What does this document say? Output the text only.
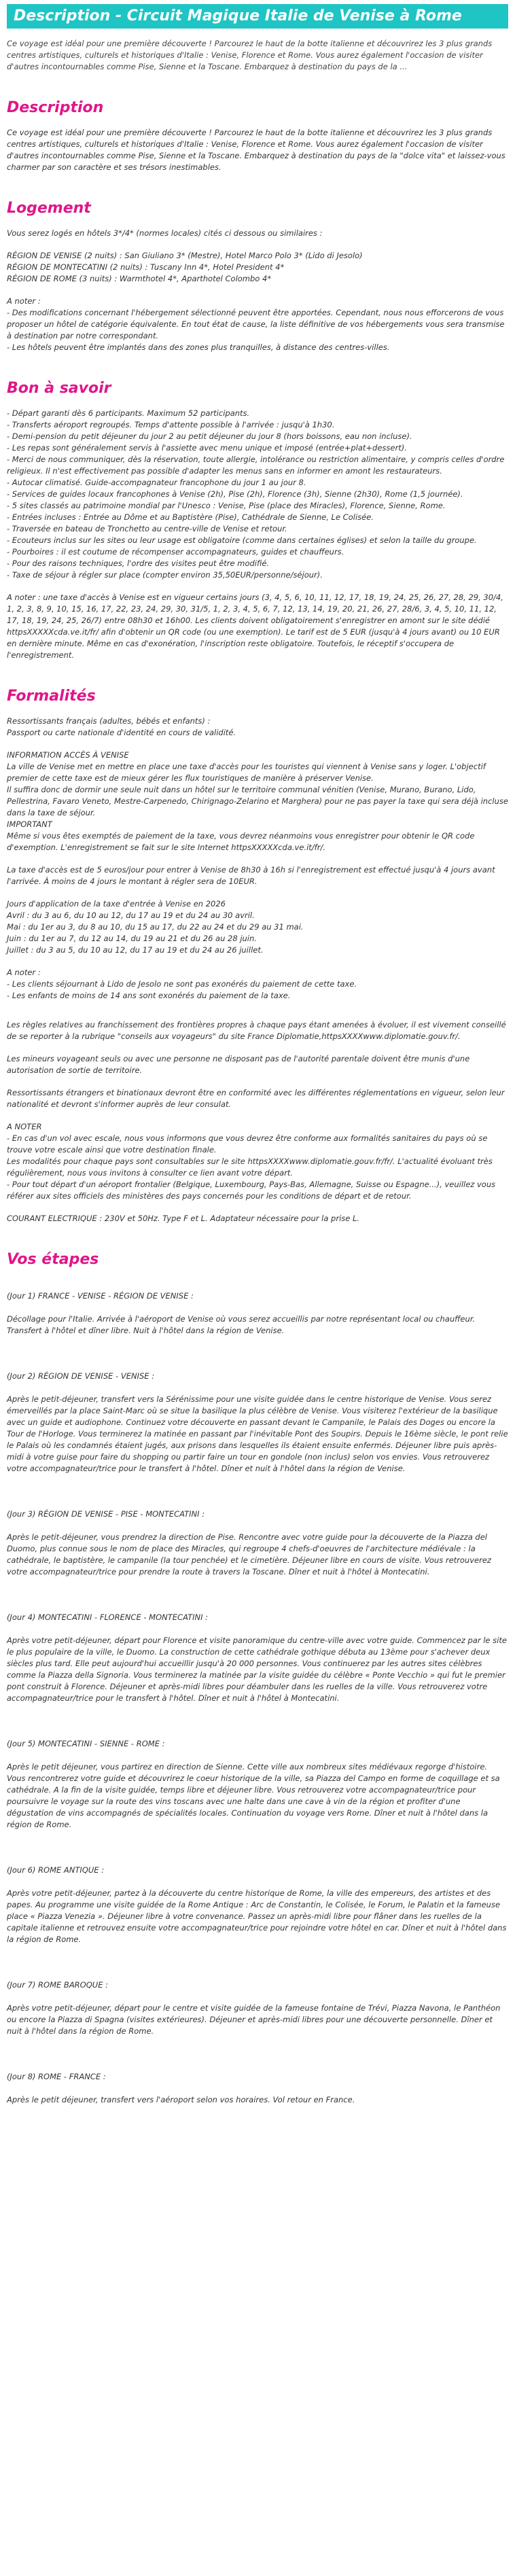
Description - Circuit Magique Italie de Venise à Rome

Ce voyage est idéal pour une première découverte ! Parcourez le haut de la botte italienne et découvrirez les 3 plus grands centres artistiques, culturels et historiques d'Italie : Venise, Florence et Rome. Vous aurez également l'occasion de visiter d'autres incontournables comme Pise, Sienne et la Toscane. Embarquez à destination du pays de la ...

Description

Ce voyage est idéal pour une première découverte ! Parcourez le haut de la botte italienne et découvrirez les 3 plus grands centres artistiques, culturels et historiques d'Italie : Venise, Florence et Rome. Vous aurez également l'occasion de visiter d'autres incontournables comme Pise, Sienne et la Toscane. Embarquez à destination du pays de la "dolce vita" et laissez-vous charmer par son caractère et ses trésors inestimables.

Logement

Vous serez logés en hôtels 3*/4* (normes locales) cités ci dessous ou similaires :

RÉGION DE VENISE (2 nuits) : San Giuliano 3* (Mestre), Hotel Marco Polo 3* (Lido di Jesolo)
RÉGION DE MONTECATINI (2 nuits) : Tuscany Inn 4*, Hotel President 4*
RÉGION DE ROME (3 nuits) : Warmthotel 4*, Aparthotel Colombo 4*

A noter :
- Des modifications concernant l'hébergement sélectionné peuvent être apportées. Cependant, nous nous efforcerons de vous proposer un hôtel de catégorie équivalente. En tout état de cause, la liste définitive de vos hébergements vous sera transmise à destination par notre correspondant.
- Les hôtels peuvent être implantés dans des zones plus tranquilles, à distance des centres-villes.

Bon à savoir

- Départ garanti dès 6 participants. Maximum 52 participants.
- Transferts aéroport regroupés. Temps d'attente possible à l'arrivée : jusqu'à 1h30.
- Demi-pension du petit déjeuner du jour 2 au petit déjeuner du jour 8 (hors boissons, eau non incluse).
- Les repas sont généralement servis à l'assiette avec menu unique et imposé (entrée+plat+dessert).
- Merci de nous communiquer, dès la réservation, toute allergie, intolérance ou restriction alimentaire, y compris celles d'ordre religieux. Il n'est effectivement pas possible d'adapter les menus sans en informer en amont les restaurateurs.
- Autocar climatisé. Guide-accompagnateur francophone du jour 1 au jour 8.
- Services de guides locaux francophones à Venise (2h), Pise (2h), Florence (3h), Sienne (2h30), Rome (1,5 journée).
- 5 sites classés au patrimoine mondial par l'Unesco : Venise, Pise (place des Miracles), Florence, Sienne, Rome.
- Entrées incluses : Entrée au Dôme et au Baptistère (Pise), Cathédrale de Sienne, Le Colisée.
- Traversée en bateau de Tronchetto au centre-ville de Venise et retour.
- Ecouteurs inclus sur les sites ou leur usage est obligatoire (comme dans certaines églises) et selon la taille du groupe.
- Pourboires : il est coutume de récompenser accompagnateurs, guides et chauffeurs.
- Pour des raisons techniques, l'ordre des visites peut être modifié.
- Taxe de séjour à régler sur place (compter environ 35,50EUR/personne/séjour).

A noter : une taxe d'accès à Venise est en vigueur certains jours (3, 4, 5, 6, 10, 11, 12, 17, 18, 19, 24, 25, 26, 27, 28, 29, 30/4, 1, 2, 3, 8, 9, 10, 15, 16, 17, 22, 23, 24, 29, 30, 31/5, 1, 2, 3, 4, 5, 6, 7, 12, 13, 14, 19, 20, 21, 26, 27, 28/6, 3, 4, 5, 10, 11, 12, 17, 18, 19, 24, 25, 26/7) entre 08h30 et 16h00. Les clients doivent obligatoirement s'enregistrer en amont sur le site dédié httpsXXXXXcda.ve.it/fr/ afin d'obtenir un QR code (ou une exemption). Le tarif est de 5 EUR (jusqu'à 4 jours avant) ou 10 EUR en dernière minute. Même en cas d'exonération, l'inscription reste obligatoire. Toutefois, le réceptif s'occupera de l'enregistrement.

Formalités

Ressortissants français (adultes, bébés et enfants) :
Passport ou carte nationale d'identité en cours de validité.

INFORMATION ACCÈS À VENISE
La ville de Venise met en mettre en place une taxe d'accès pour les touristes qui viennent à Venise sans y loger. L'objectif premier de cette taxe est de mieux gérer les flux touristiques de manière à préserver Venise.
Il suffira donc de dormir une seule nuit dans un hôtel sur le territoire communal vénitien (Venise, Murano, Burano, Lido, Pellestrina, Favaro Veneto, Mestre-Carpenedo, Chirignago-Zelarino et Marghera) pour ne pas payer la taxe qui sera déjà incluse dans la taxe de séjour.
IMPORTANT
Même si vous êtes exemptés de paiement de la taxe, vous devrez néanmoins vous enregistrer pour obtenir le QR code d'exemption. L'enregistrement se fait sur le site Internet httpsXXXXXcda.ve.it/fr/.

La taxe d'accès est de 5 euros/jour pour entrer à Venise de 8h30 à 16h si l'enregistrement est effectué jusqu'à 4 jours avant l'arrivée. À moins de 4 jours le montant à régler sera de 10EUR.

Jours d'application de la taxe d'entrée à Venise en 2026
Avril : du 3 au 6, du 10 au 12, du 17 au 19 et du 24 au 30 avril.
Mai : du 1er au 3, du 8 au 10, du 15 au 17, du 22 au 24 et du 29 au 31 mai.
Juin : du 1er au 7, du 12 au 14, du 19 au 21 et du 26 au 28 juin.
Juillet : du 3 au 5, du 10 au 12, du 17 au 19 et du 24 au 26 juillet.

A noter :
- Les clients séjournant à Lido de Jesolo ne sont pas exonérés du paiement de cette taxe.
- Les enfants de moins de 14 ans sont exonérés du paiement de la taxe.

Les règles relatives au franchissement des frontières propres à chaque pays étant amenées à évoluer, il est vivement conseillé de se reporter à la rubrique "conseils aux voyageurs" du site France Diplomatie,httpsXXXXwww.diplomatie.gouv.fr/.

Les mineurs voyageant seuls ou avec une personne ne disposant pas de l'autorité parentale doivent être munis d'une autorisation de sortie de territoire.

Ressortissants étrangers et binationaux devront être en conformité avec les différentes réglementations en vigueur, selon leur nationalité et devront s'informer auprès de leur consulat.

A NOTER
- En cas d'un vol avec escale, nous vous informons que vous devrez être conforme aux formalités sanitaires du pays où se trouve votre escale ainsi que votre destination finale.
Les modalités pour chaque pays sont consultables sur le site httpsXXXXwww.diplomatie.gouv.fr/fr/. L'actualité évoluant très régulièrement, nous vous invitons à consulter ce lien avant votre départ.
- Pour tout départ d'un aéroport frontalier (Belgique, Luxembourg, Pays-Bas, Allemagne, Suisse ou Espagne...), veuillez vous référer aux sites officiels des ministères des pays concernés pour les conditions de départ et de retour.

COURANT ELECTRIQUE : 230V et 50Hz. Type F et L. Adaptateur nécessaire pour la prise L.

Vos étapes

(Jour 1) FRANCE - VENISE - RÉGION DE VENISE :

Décollage pour l'Italie. Arrivée à l'aéroport de Venise où vous serez accueillis par notre représentant local ou chauffeur. Transfert à l'hôtel et dîner libre. Nuit à l'hôtel dans la région de Venise.

(Jour 2) RÉGION DE VENISE - VENISE :

Après le petit-déjeuner, transfert vers la Sérénissime pour une visite guidée dans le centre historique de Venise. Vous serez émerveillés par la place Saint-Marc où se situe la basilique la plus célèbre de Venise. Vous visiterez l'extérieur de la basilique avec un guide et audiophone. Continuez votre découverte en passant devant le Campanile, le Palais des Doges ou encore la Tour de l'Horloge. Vous terminerez la matinée en passant par l'inévitable Pont des Soupirs. Depuis le 16ème siècle, le pont relie le Palais où les condamnés étaient jugés, aux prisons dans lesquelles ils étaient ensuite enfermés. Déjeuner libre puis après-midi à votre guise pour faire du shopping ou partir faire un tour en gondole (non inclus) selon vos envies. Vous retrouverez votre accompagnateur/trice pour le transfert à l'hôtel. Dîner et nuit à l'hôtel dans la région de Venise.

(Jour 3) RÉGION DE VENISE - PISE - MONTECATINI :

Après le petit-déjeuner, vous prendrez la direction de Pise. Rencontre avec votre guide pour la découverte de la Piazza del Duomo, plus connue sous le nom de place des Miracles, qui regroupe 4 chefs-d'oeuvres de l'architecture médiévale : la cathédrale, le baptistère, le campanile (la tour penchée) et le cimetière. Déjeuner libre en cours de visite. Vous retrouverez votre accompagnateur/trice pour prendre la route à travers la Toscane. Dîner et nuit à l'hôtel à Montecatini.

(Jour 4) MONTECATINI - FLORENCE - MONTECATINI :

Après votre petit-déjeuner, départ pour Florence et visite panoramique du centre-ville avec votre guide. Commencez par le site le plus populaire de la ville, le Duomo. La construction de cette cathédrale gothique débuta au 13ème pour s'achever deux siècles plus tard. Elle peut aujourd'hui accueillir jusqu'à 20 000 personnes. Vous continuerez par les autres sites célèbres comme la Piazza della Signoria. Vous terminerez la matinée par la visite guidée du célèbre « Ponte Vecchio » qui fut le premier pont construit à Florence. Déjeuner et après-midi libres pour déambuler dans les ruelles de la ville. Vous retrouverez votre accompagnateur/trice pour le transfert à l'hôtel. Dîner et nuit à l'hôtel à Montecatini.

(Jour 5) MONTECATINI - SIENNE - ROME :

Après le petit déjeuner, vous partirez en direction de Sienne. Cette ville aux nombreux sites médiévaux regorge d'histoire. Vous rencontrerez votre guide et découvrirez le coeur historique de la ville, sa Piazza del Campo en forme de coquillage et sa cathédrale. A la fin de la visite guidée, temps libre et déjeuner libre. Vous retrouverez votre accompagnateur/trice pour poursuivre le voyage sur la route des vins toscans avec une halte dans une cave à vin de la région et profiter d'une dégustation de vins accompagnés de spécialités locales. Continuation du voyage vers Rome. Dîner et nuit à l'hôtel dans la région de Rome.

(Jour 6) ROME ANTIQUE :

Après votre petit-déjeuner, partez à la découverte du centre historique de Rome, la ville des empereurs, des artistes et des papes. Au programme une visite guidée de la Rome Antique : Arc de Constantin, le Colisée, le Forum, le Palatin et la fameuse place « Piazza Venezia ». Déjeuner libre à votre convenance. Passez un après-midi libre pour flâner dans les ruelles de la capitale italienne et retrouvez ensuite votre accompagnateur/trice pour rejoindre votre hôtel en car. Dîner et nuit à l'hôtel dans la région de Rome.

(Jour 7) ROME BAROQUE :

Après votre petit-déjeuner, départ pour le centre et visite guidée de la fameuse fontaine de Trévi, Piazza Navona, le Panthéon ou encore la Piazza di Spagna (visites extérieures). Déjeuner et après-midi libres pour une découverte personnelle. Dîner et nuit à l'hôtel dans la région de Rome.

(Jour 8) ROME - FRANCE :

Après le petit déjeuner, transfert vers l'aéroport selon vos horaires. Vol retour en France.
